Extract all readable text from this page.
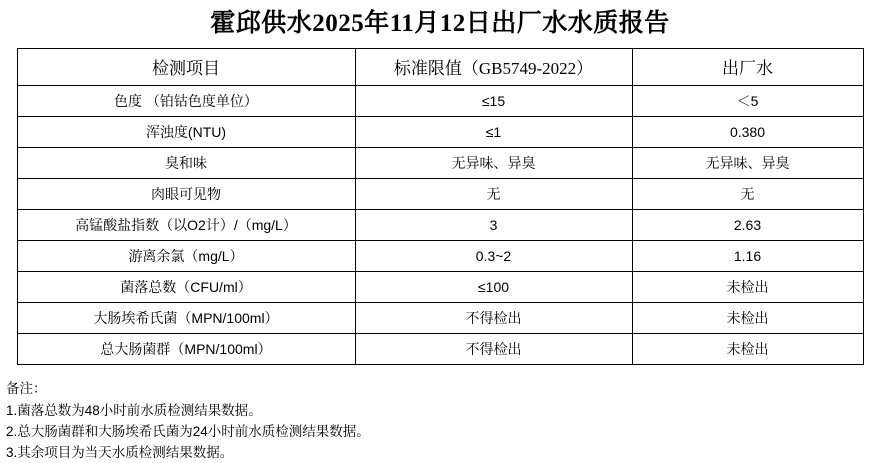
霍邱供水2025年11月12日出厂水水质报告
检测项目	标准限值（GB5749-2022）	出厂水
色度 （铂钴色度单位）	≤15	＜5
浑浊度(NTU)	≤1	0.380
臭和味	无异味、异臭	无异味、异臭
肉眼可见物	无	无
高锰酸盐指数（以O2计）/（mg/L）	3	2.63
游离余氯（mg/L）	0.3~2	1.16
菌落总数（CFU/ml）	≤100	未检出
大肠埃希氏菌（MPN/100ml）	不得检出	未检出
总大肠菌群（MPN/100ml）	不得检出	未检出
备注：
1.菌落总数为48小时前水质检测结果数据。
2.总大肠菌群和大肠埃希氏菌为24小时前水质检测结果数据。
3.其余项目为当天水质检测结果数据。
